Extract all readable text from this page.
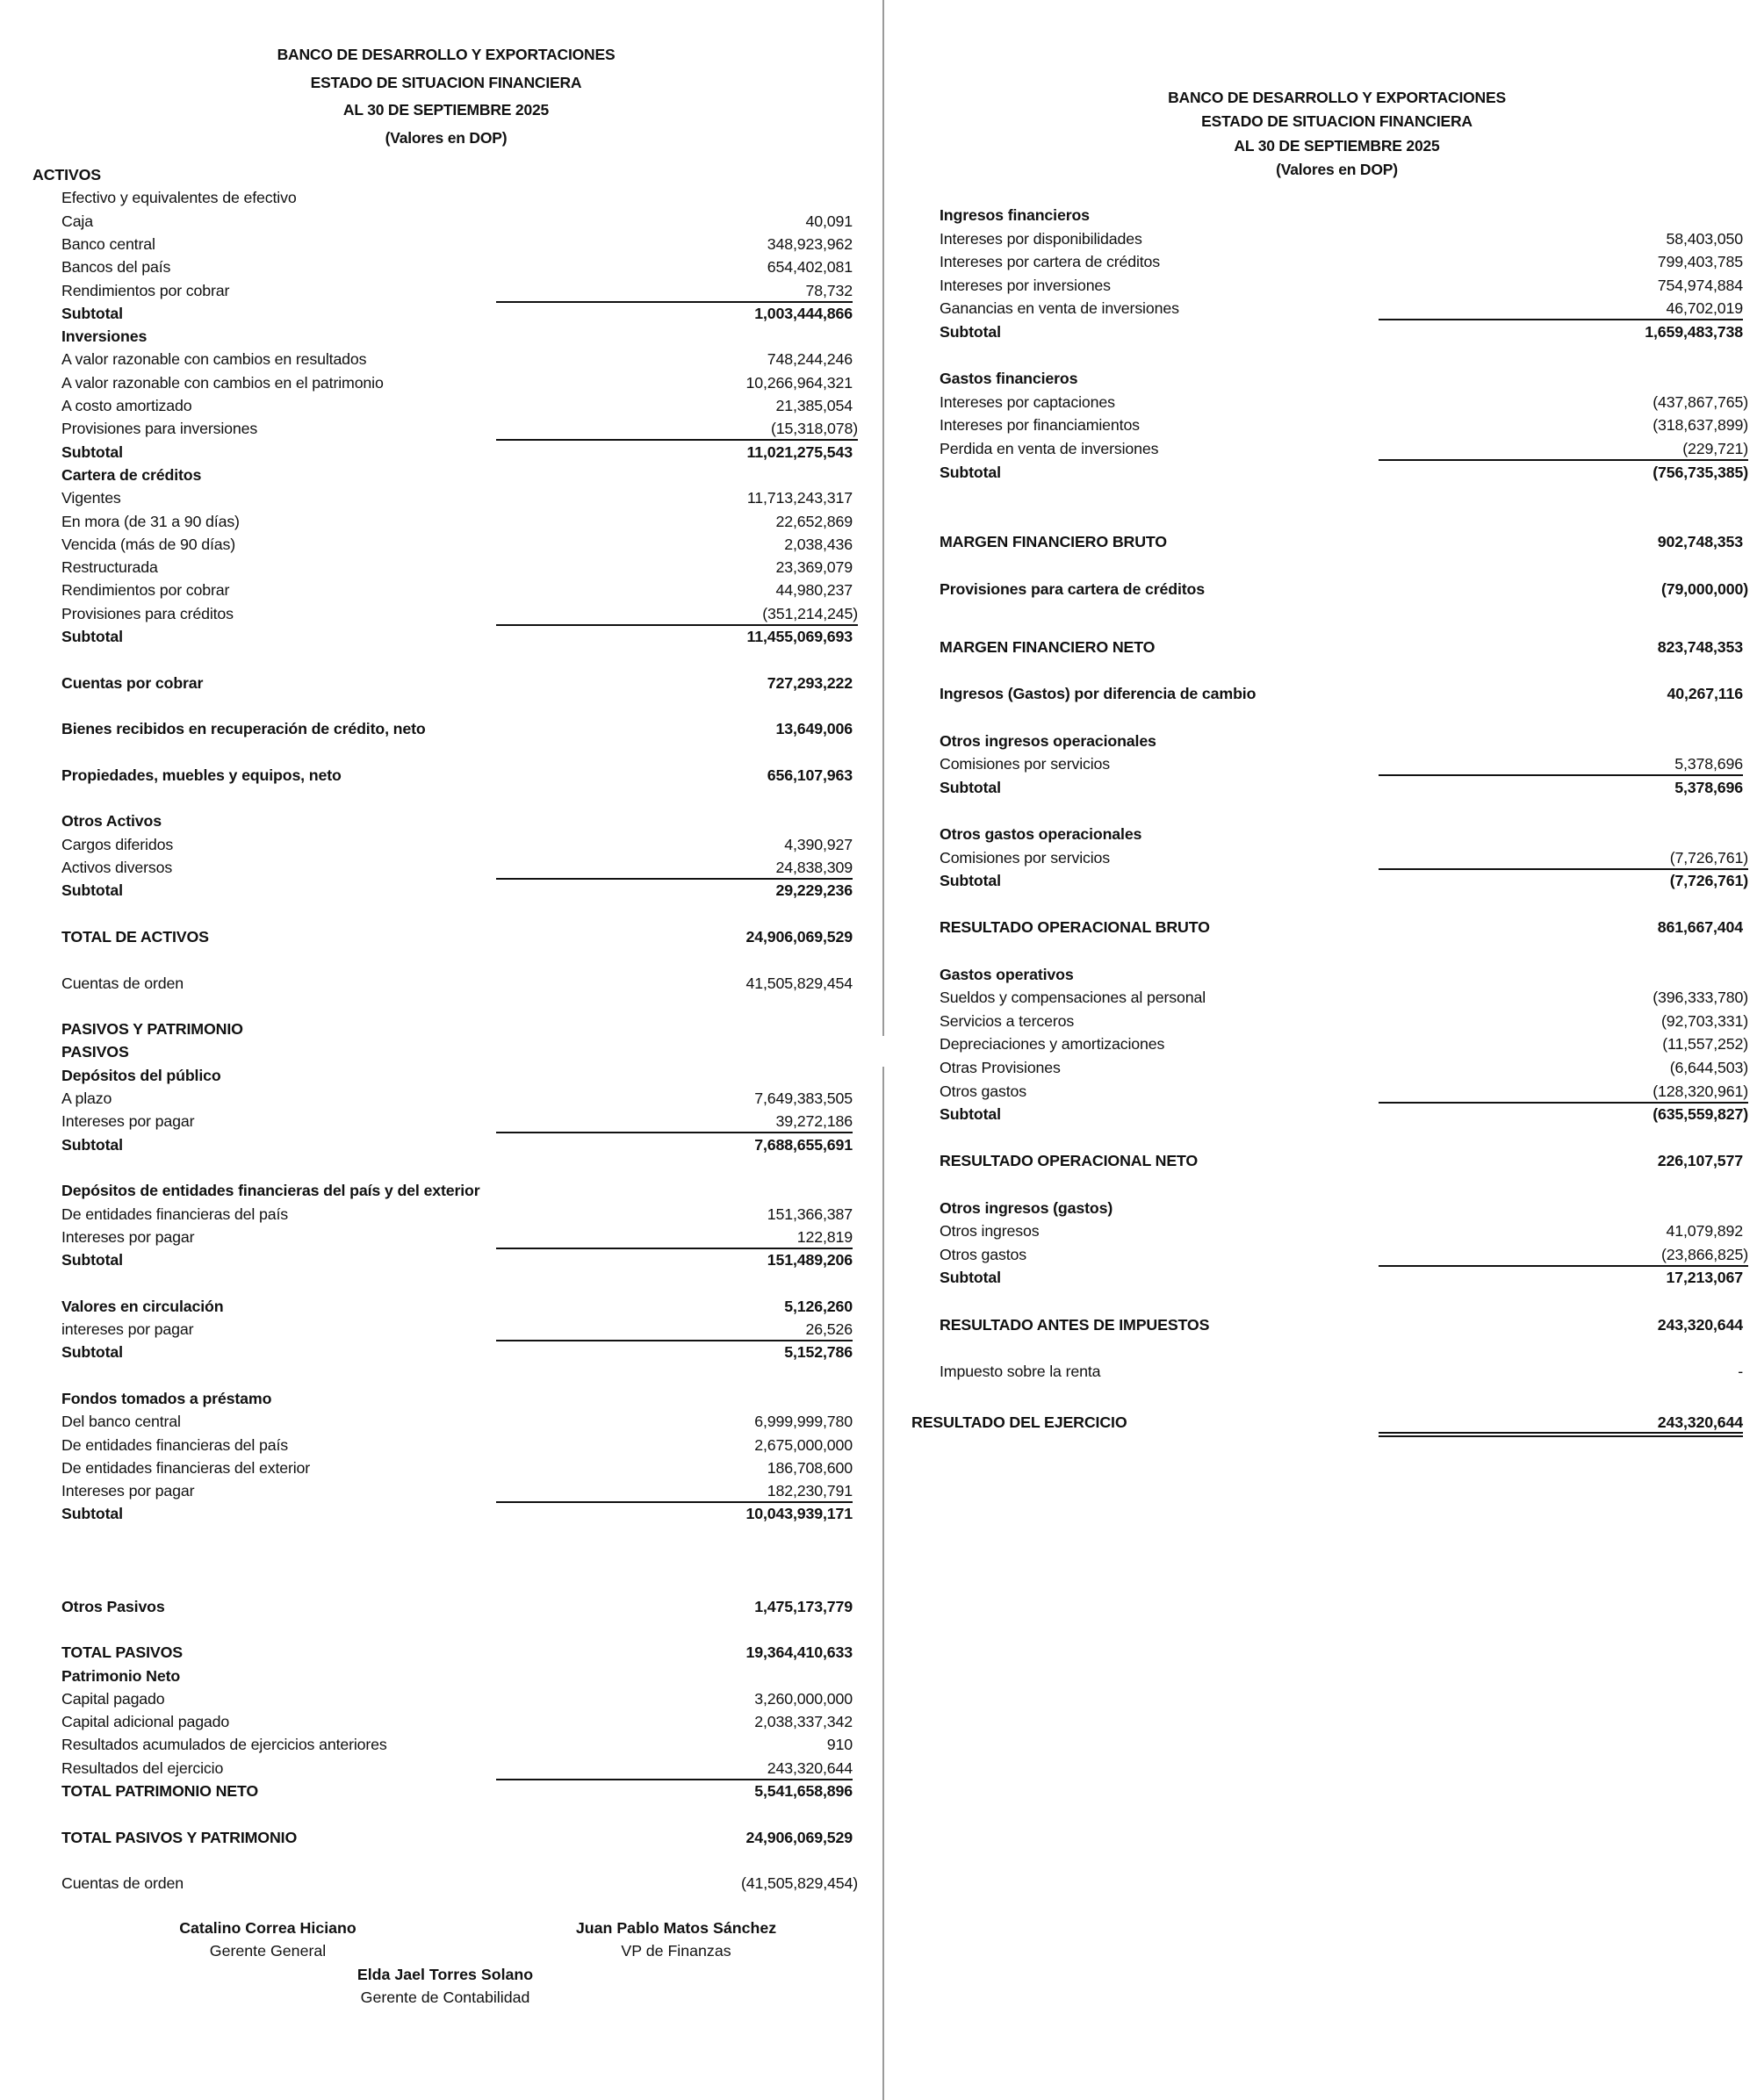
BANCO DE DESARROLLO Y EXPORTACIONES
ESTADO DE SITUACION FINANCIERA
AL 30 DE SEPTIEMBRE 2025
(Valores en DOP)
ACTIVOS
Efectivo y equivalentes de efectivo
Caja	40,091
Banco central	348,923,962
Bancos del país	654,402,081
Rendimientos por cobrar	78,732
Subtotal	1,003,444,866
Inversiones
A valor razonable con cambios en resultados	748,244,246
A valor razonable con cambios en el patrimonio	10,266,964,321
A costo amortizado	21,385,054
Provisiones para inversiones	(15,318,078)
Subtotal	11,021,275,543
Cartera de créditos
Vigentes	11,713,243,317
En mora (de 31 a 90 días)	22,652,869
Vencida (más de 90 días)	2,038,436
Restructurada	23,369,079
Rendimientos por cobrar	44,980,237
Provisiones para créditos	(351,214,245)
Subtotal	11,455,069,693
Cuentas por cobrar	727,293,222
Bienes recibidos en recuperación de crédito, neto	13,649,006
Propiedades, muebles y equipos, neto	656,107,963
Otros Activos
Cargos diferidos	4,390,927
Activos diversos	24,838,309
Subtotal	29,229,236
TOTAL DE ACTIVOS	24,906,069,529
Cuentas de orden	41,505,829,454
PASIVOS Y PATRIMONIO
PASIVOS
Depósitos del público
A plazo	7,649,383,505
Intereses por pagar	39,272,186
Subtotal	7,688,655,691
Depósitos de entidades financieras del país y del exterior
De entidades financieras del país	151,366,387
Intereses por pagar	122,819
Subtotal	151,489,206
Valores en circulación	5,126,260
intereses por pagar	26,526
Subtotal	5,152,786
Fondos tomados a préstamo
Del banco central	6,999,999,780
De entidades financieras del país	2,675,000,000
De entidades financieras del exterior	186,708,600
Intereses por pagar	182,230,791
Subtotal	10,043,939,171
Otros Pasivos	1,475,173,779
TOTAL PASIVOS	19,364,410,633
Patrimonio Neto
Capital pagado	3,260,000,000
Capital adicional pagado	2,038,337,342
Resultados acumulados de ejercicios anteriores	910
Resultados del ejercicio	243,320,644
TOTAL PATRIMONIO NETO	5,541,658,896
TOTAL PASIVOS Y PATRIMONIO	24,906,069,529
Cuentas de orden	(41,505,829,454)
Catalino Correa Hiciano
Gerente General
Juan Pablo Matos Sánchez
VP de Finanzas
Elda Jael Torres Solano
Gerente de Contabilidad
BANCO DE DESARROLLO Y EXPORTACIONES
ESTADO DE SITUACION FINANCIERA
AL 30 DE SEPTIEMBRE 2025
(Valores en DOP)
Ingresos financieros
Intereses por disponibilidades	58,403,050
Intereses por cartera de créditos	799,403,785
Intereses por inversiones	754,974,884
Ganancias en venta de inversiones	46,702,019
Subtotal	1,659,483,738
Gastos financieros
Intereses por captaciones	(437,867,765)
Intereses por financiamientos	(318,637,899)
Perdida en venta de inversiones	(229,721)
Subtotal	(756,735,385)
MARGEN FINANCIERO BRUTO	902,748,353
Provisiones para cartera de créditos	(79,000,000)
MARGEN FINANCIERO NETO	823,748,353
Ingresos (Gastos) por diferencia de cambio	40,267,116
Otros ingresos operacionales
Comisiones por servicios	5,378,696
Subtotal	5,378,696
Otros gastos operacionales
Comisiones por servicios	(7,726,761)
Subtotal	(7,726,761)
RESULTADO OPERACIONAL BRUTO	861,667,404
Gastos operativos
Sueldos y compensaciones al personal	(396,333,780)
Servicios a terceros	(92,703,331)
Depreciaciones y amortizaciones	(11,557,252)
Otras Provisiones	(6,644,503)
Otros gastos	(128,320,961)
Subtotal	(635,559,827)
RESULTADO OPERACIONAL NETO	226,107,577
Otros ingresos (gastos)
Otros ingresos	41,079,892
Otros gastos	(23,866,825)
Subtotal	17,213,067
RESULTADO ANTES DE IMPUESTOS	243,320,644
Impuesto sobre la renta	-
RESULTADO DEL EJERCICIO	243,320,644
